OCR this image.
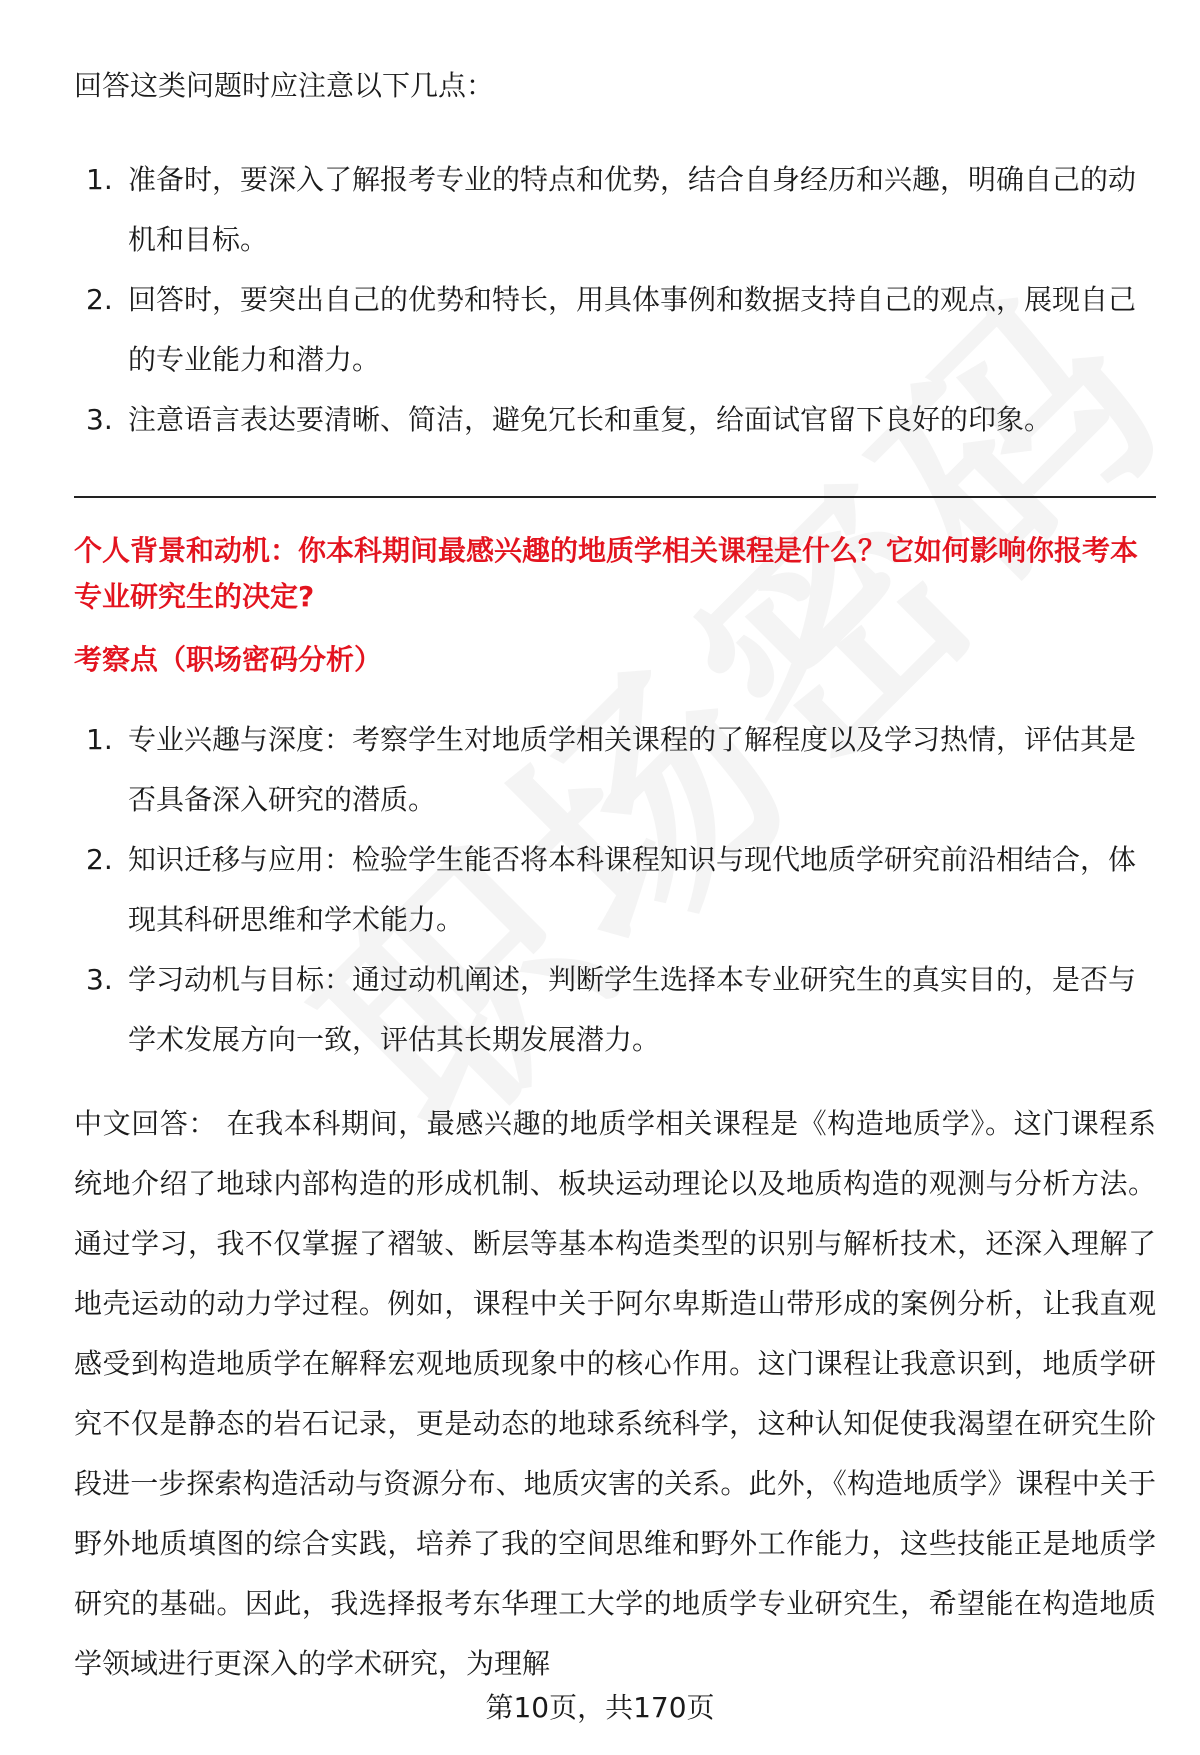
回答这类问题时应注意以下几点：
1. 准备时，要深入了解报考专业的特点和优势，结合自身经历和兴趣，明确自己的动机和目标。
2. 回答时，要突出自己的优势和特长，用具体事例和数据支持自己的观点，展现自己的专业能力和潜力。
3. 注意语言表达要清晰、简洁，避免冗长和重复，给面试官留下良好的印象。
个人背景和动机：你本科期间最感兴趣的地质学相关课程是什么？它如何影响你报考本专业研究生的决定?
考察点（职场密码分析）
1. 专业兴趣与深度：考察学生对地质学相关课程的了解程度以及学习热情，评估其是否具备深入研究的潜质。
2. 知识迁移与应用：检验学生能否将本科课程知识与现代地质学研究前沿相结合，体现其科研思维和学术能力。
3. 学习动机与目标：通过动机阐述，判断学生选择本专业研究生的真实目的，是否与学术发展方向一致，评估其长期发展潜力。
中文回答： 在我本科期间，最感兴趣的地质学相关课程是《构造地质学》。这门课程系统地介绍了地球内部构造的形成机制、板块运动理论以及地质构造的观测与分析方法。通过学习，我不仅掌握了褶皱、断层等基本构造类型的识别与解析技术，还深入理解了地壳运动的动力学过程。例如，课程中关于阿尔卑斯造山带形成的案例分析，让我直观感受到构造地质学在解释宏观地质现象中的核心作用。这门课程让我意识到，地质学研究不仅是静态的岩石记录，更是动态的地球系统科学，这种认知促使我渴望在研究生阶段进一步探索构造活动与资源分布、地质灾害的关系。此外，《构造地质学》课程中关于野外地质填图的综合实践，培养了我的空间思维和野外工作能力，这些技能正是地质学研究的基础。因此，我选择报考东华理工大学的地质学专业研究生，希望能在构造地质学领域进行更深入的学术研究，为理解
第10页，共170页
